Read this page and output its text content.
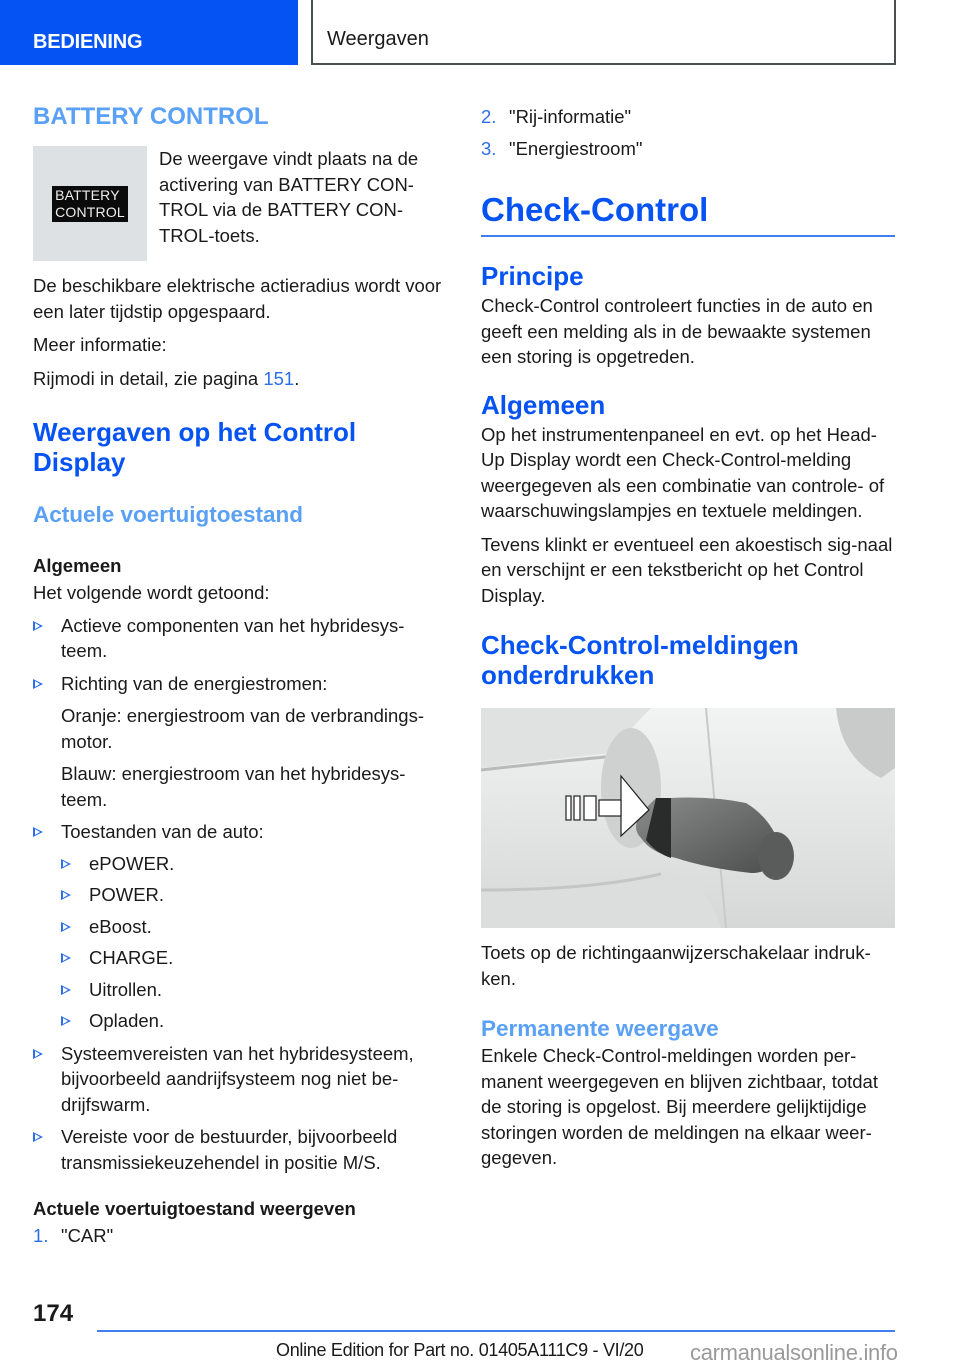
BEDIENING	Weergaven
BATTERY CONTROL
BATTERY
CONTROL
De weergave vindt plaats na de activering van BATTERY CON-TROL via de BATTERY CON-TROL-toets.
De beschikbare elektrische actieradius wordt voor een later tijdstip opgespaard.
Meer informatie:
Rijmodi in detail, zie pagina 151.
Weergaven op het Control Display
Actuele voertuigtoestand
Algemeen
Het volgende wordt getoond:
Actieve componenten van het hybridesys-teem.
Richting van de energiestromen:
Oranje: energiestroom van de verbrandings-motor.
Blauw: energiestroom van het hybridesys-teem.
Toestanden van de auto:
ePOWER.
POWER.
eBoost.
CHARGE.
Uitrollen.
Opladen.
Systeemvereisten van het hybridesysteem, bijvoorbeeld aandrijfsysteem nog niet be-drijfswarm.
Vereiste voor de bestuurder, bijvoorbeeld transmissiekeuzehendel in positie M/S.
Actuele voertuigtoestand weergeven
1. "CAR"
2. "Rij-informatie"
3. "Energiestroom"
Check-Control
Principe
Check-Control controleert functies in de auto en geeft een melding als in de bewaakte systemen een storing is opgetreden.
Algemeen
Op het instrumentenpaneel en evt. op het Head-Up Display wordt een Check-Control-melding weergegeven als een combinatie van controle- of waarschuwingslampjes en textuele meldingen.
Tevens klinkt er eventueel een akoestisch sig-naal en verschijnt er een tekstbericht op het Control Display.
Check-Control-meldingen onderdrukken
Toets op de richtingaanwijzerschakelaar indruk-ken.
Permanente weergave
Enkele Check-Control-meldingen worden per-manent weergegeven en blijven zichtbaar, totdat de storing is opgelost. Bij meerdere gelijktijdige storingen worden de meldingen na elkaar weer-gegeven.
174
Online Edition for Part no. 01405A111C9 - VI/20 carmanualsonline.info
